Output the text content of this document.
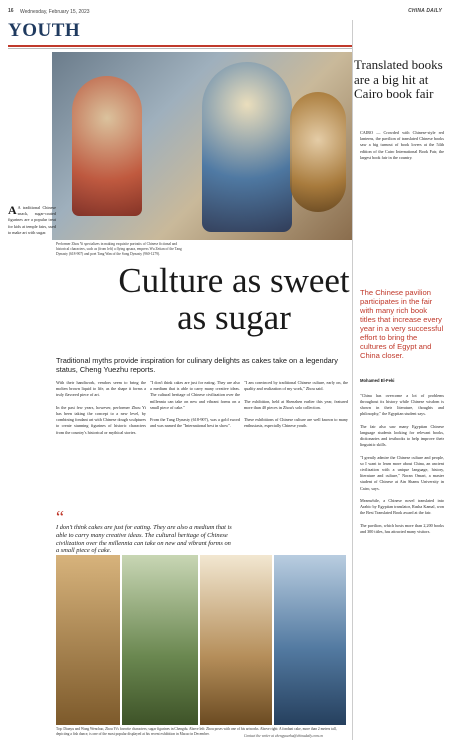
16 Wednesday, February 15, 2023	CHINA DAILY
YOUTH
Performer Zhou Yi specializes in making exquisite portraits of Chinese fictional and historical characters, such as (from left) a flying apsara, empress Wu Zetian of the Tang Dynasty (618-907) and poet Tang Wan of the Song Dynasty (960-1279).
A A traditional Chinese snack, sugar-coated figurines are a popular treat for kids at temple fairs, used to make art with sugar.
Culture as sweet as sugar
Traditional myths provide inspiration for culinary delights as cakes take on a legendary status, Cheng Yuezhu reports.
With their handiwork, vendors seem to bring the molten brown liquid to life, as the shape it forms a truly flavored piece of art.

In the past few years, however, performer Zhou Yi has been taking the concept to a new level, by combining fondant art with Chinese dough sculptures to create stunning figurines of historic characters from the country's historical or mythical stories.
"I don't think cakes are just for eating. They are also a medium that is able to carry many creative ideas. The cultural heritage of Chinese civilization over the millennia can take on new and vibrant forms on a small piece of cake."

From the Tang Dynasty (618-907), was a gold sword and was named the "International best in show".
"I am convinced by traditional Chinese culture, early on, the quality and realization of my work," Zhou said.

The exhibition, held at Shenzhen earlier this year, featured more than 40 pieces in Zhou's solo collection.

These exhibitions of Chinese culture are well known to many enthusiasts, especially Chinese youth.
“
I don't think cakes are just for eating. They are also a medium that is able to carry many creative ideas. The cultural heritage of Chinese civilization over the millennia can take on new and vibrant forms on a small piece of cake.
Top: Dianyu and Wang Wenchao, Zhou Yi's favorite characters; sugar figurines in Chengdu. Above left: Zhou poses with one of his artworks. Above right: A fondant cake, more than 2 meters tall, depicting a fish dance, is one of the most popular displayed at his recent exhibition in Macao in December.	Contact the writer at chengyuezhu@chinadaily.com.cn
Translated books are a big hit at Cairo book fair
CAIRO — Crowded with Chinese-style red lanterns, the pavilion of translated Chinese books saw a big turnout of book lovers at the 54th edition of the Cairo International Book Fair, the largest book fair in the country.
The Chinese pavilion participates in the fair with many rich book titles that increase every year in a very successful effort to bring the cultures of Egypt and China closer.

Mohamed El-Feki

"China has overcome a lot of problems throughout its history while Chinese wisdom is shown in their literature, thoughts and philosophy," the Egyptian student says.

The fair also saw many Egyptian Chinese language students looking for relevant books, dictionaries and textbooks to help improve their linguistic skills.

"I greatly admire the Chinese culture and people, so I want to learn more about China, an ancient civilization with a unique language, history, literature and culture," Noran Omari, a master student of Chinese at Ain Shams University in Cairo, says.

Meanwhile, a Chinese novel translated into Arabic by Egyptian translator, Rasha Kamal, won the Best Translated Book award at the fair.

The pavilion, which hosts more than 2,200 books and 300 titles, has attracted many visitors.
